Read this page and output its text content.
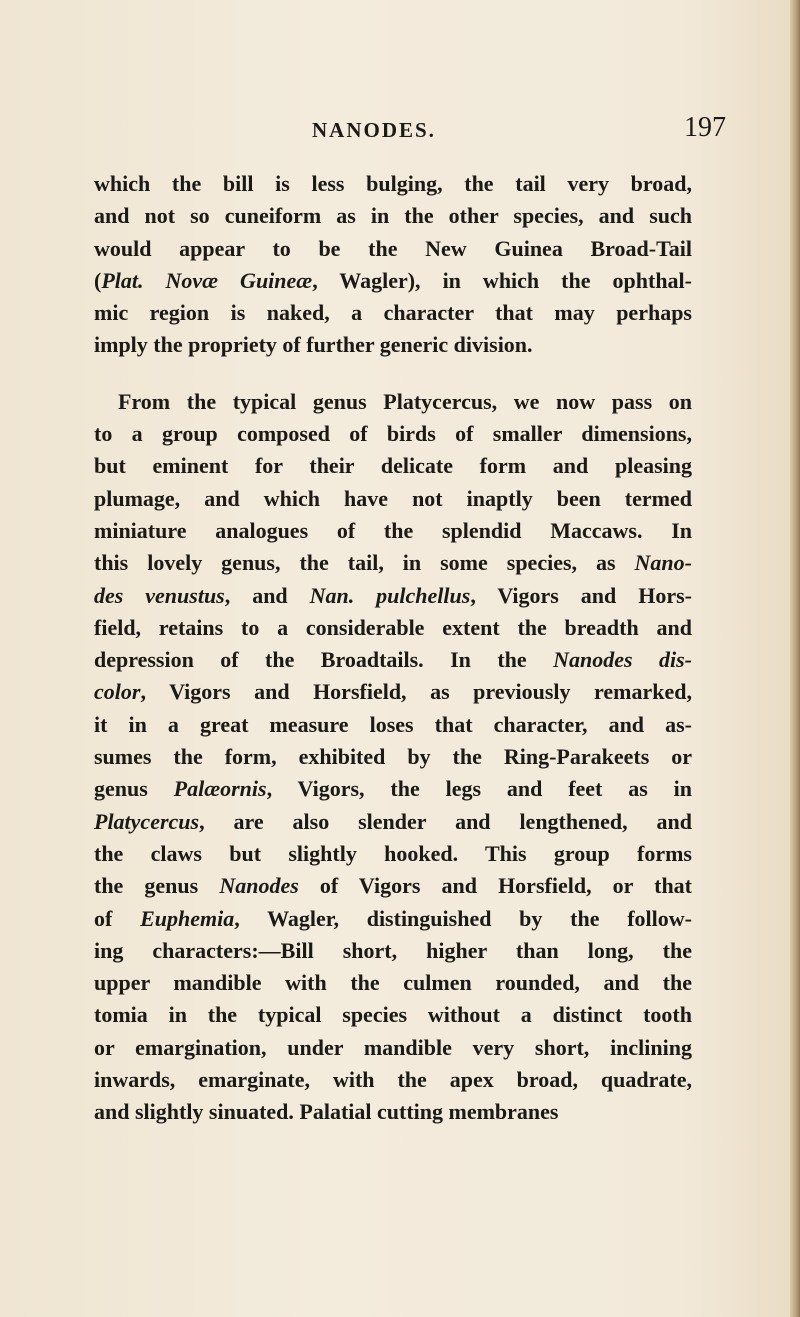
NANODES.	197
which the bill is less bulging, the tail very broad,
and not so cuneiform as in the other species, and such
would appear to be the New Guinea Broad-Tail
(Plat. Novæ Guineæ, Wagler), in which the ophthal-
mic region is naked, a character that may perhaps
imply the propriety of further generic division.
From the typical genus Platycercus, we now pass on
to a group composed of birds of smaller dimensions,
but eminent for their delicate form and pleasing
plumage, and which have not inaptly been termed
miniature analogues of the splendid Maccaws. In
this lovely genus, the tail, in some species, as Nano-
des venustus, and Nan. pulchellus, Vigors and Hors-
field, retains to a considerable extent the breadth and
depression of the Broadtails. In the Nanodes dis-
color, Vigors and Horsfield, as previously remarked,
it in a great measure loses that character, and as-
sumes the form, exhibited by the Ring-Parakeets or
genus Palæornis, Vigors, the legs and feet as in
Platycercus, are also slender and lengthened, and
the claws but slightly hooked. This group forms
the genus Nanodes of Vigors and Horsfield, or that
of Euphemia, Wagler, distinguished by the follow-
ing characters:—Bill short, higher than long, the
upper mandible with the culmen rounded, and the
tomia in the typical species without a distinct tooth
or emargination, under mandible very short, inclining
inwards, emarginate, with the apex broad, quadrate,
and slightly sinuated. Palatial cutting membranes
